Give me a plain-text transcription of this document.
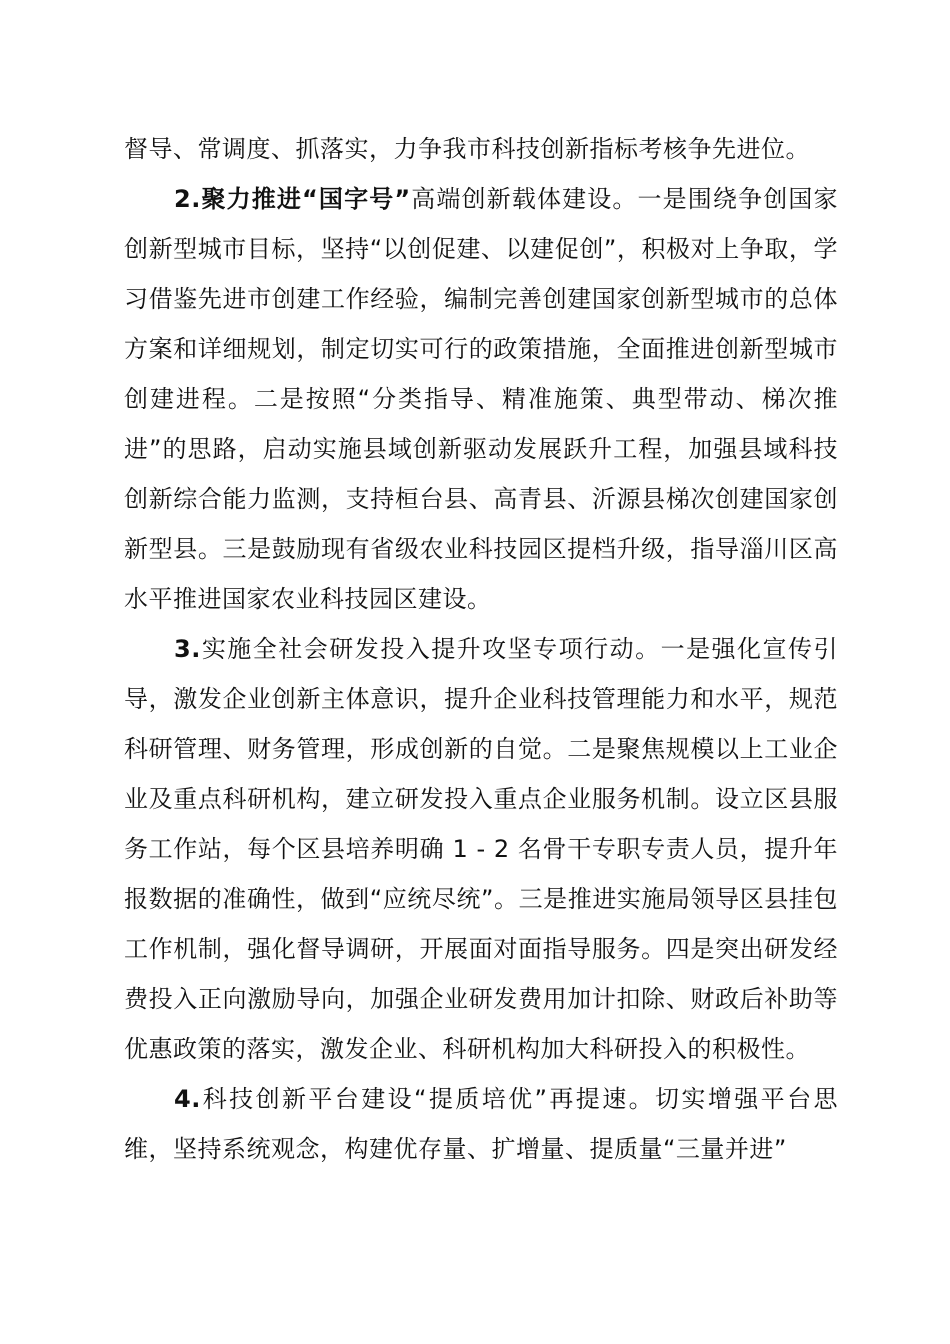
督导、常调度、抓落实，力争我市科技创新指标考核争先进位。

2.聚力推进“国字号”高端创新载体建设。一是围绕争创国家创新型城市目标，坚持“以创促建、以建促创”，积极对上争取，学习借鉴先进市创建工作经验，编制完善创建国家创新型城市的总体方案和详细规划，制定切实可行的政策措施，全面推进创新型城市创建进程。二是按照“分类指导、精准施策、典型带动、梯次推进”的思路，启动实施县域创新驱动发展跃升工程，加强县域科技创新综合能力监测，支持桓台县、高青县、沂源县梯次创建国家创新型县。三是鼓励现有省级农业科技园区提档升级，指导淄川区高水平推进国家农业科技园区建设。

3.实施全社会研发投入提升攻坚专项行动。一是强化宣传引导，激发企业创新主体意识，提升企业科技管理能力和水平，规范科研管理、财务管理，形成创新的自觉。二是聚焦规模以上工业企业及重点科研机构，建立研发投入重点企业服务机制。设立区县服务工作站，每个区县培养明确 1 - 2 名骨干专职专责人员，提升年报数据的准确性，做到“应统尽统”。三是推进实施局领导区县挂包工作机制，强化督导调研，开展面对面指导服务。四是突出研发经费投入正向激励导向，加强企业研发费用加计扣除、财政后补助等优惠政策的落实，激发企业、科研机构加大科研投入的积极性。

4.科技创新平台建设“提质培优”再提速。切实增强平台思维，坚持系统观念，构建优存量、扩增量、提质量“三量并进”
